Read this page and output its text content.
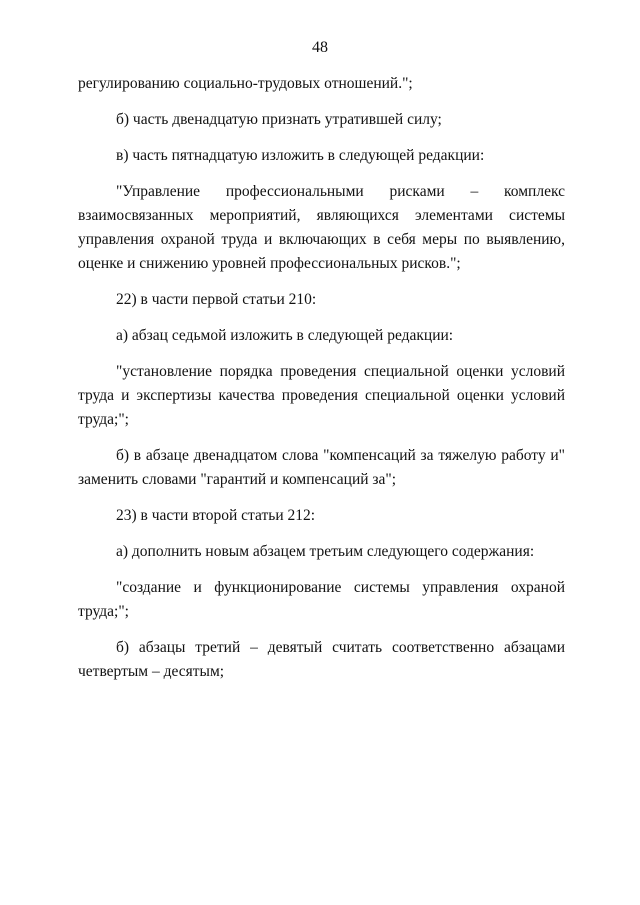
48

регулированию социально-трудовых отношений.";

б) часть двенадцатую признать утратившей силу;

в) часть пятнадцатую изложить в следующей редакции:

"Управление профессиональными рисками – комплекс взаимосвязанных мероприятий, являющихся элементами системы управления охраной труда и включающих в себя меры по выявлению, оценке и снижению уровней профессиональных рисков.";

22) в части первой статьи 210:

а) абзац седьмой изложить в следующей редакции:

"установление порядка проведения специальной оценки условий труда и экспертизы качества проведения специальной оценки условий труда;";

б) в абзаце двенадцатом слова "компенсаций за тяжелую работу и" заменить словами "гарантий и компенсаций за";

23) в части второй статьи 212:

а) дополнить новым абзацем третьим следующего содержания:

"создание и функционирование системы управления охраной труда;";

б) абзацы третий – девятый считать соответственно абзацами четвертым – десятым;
